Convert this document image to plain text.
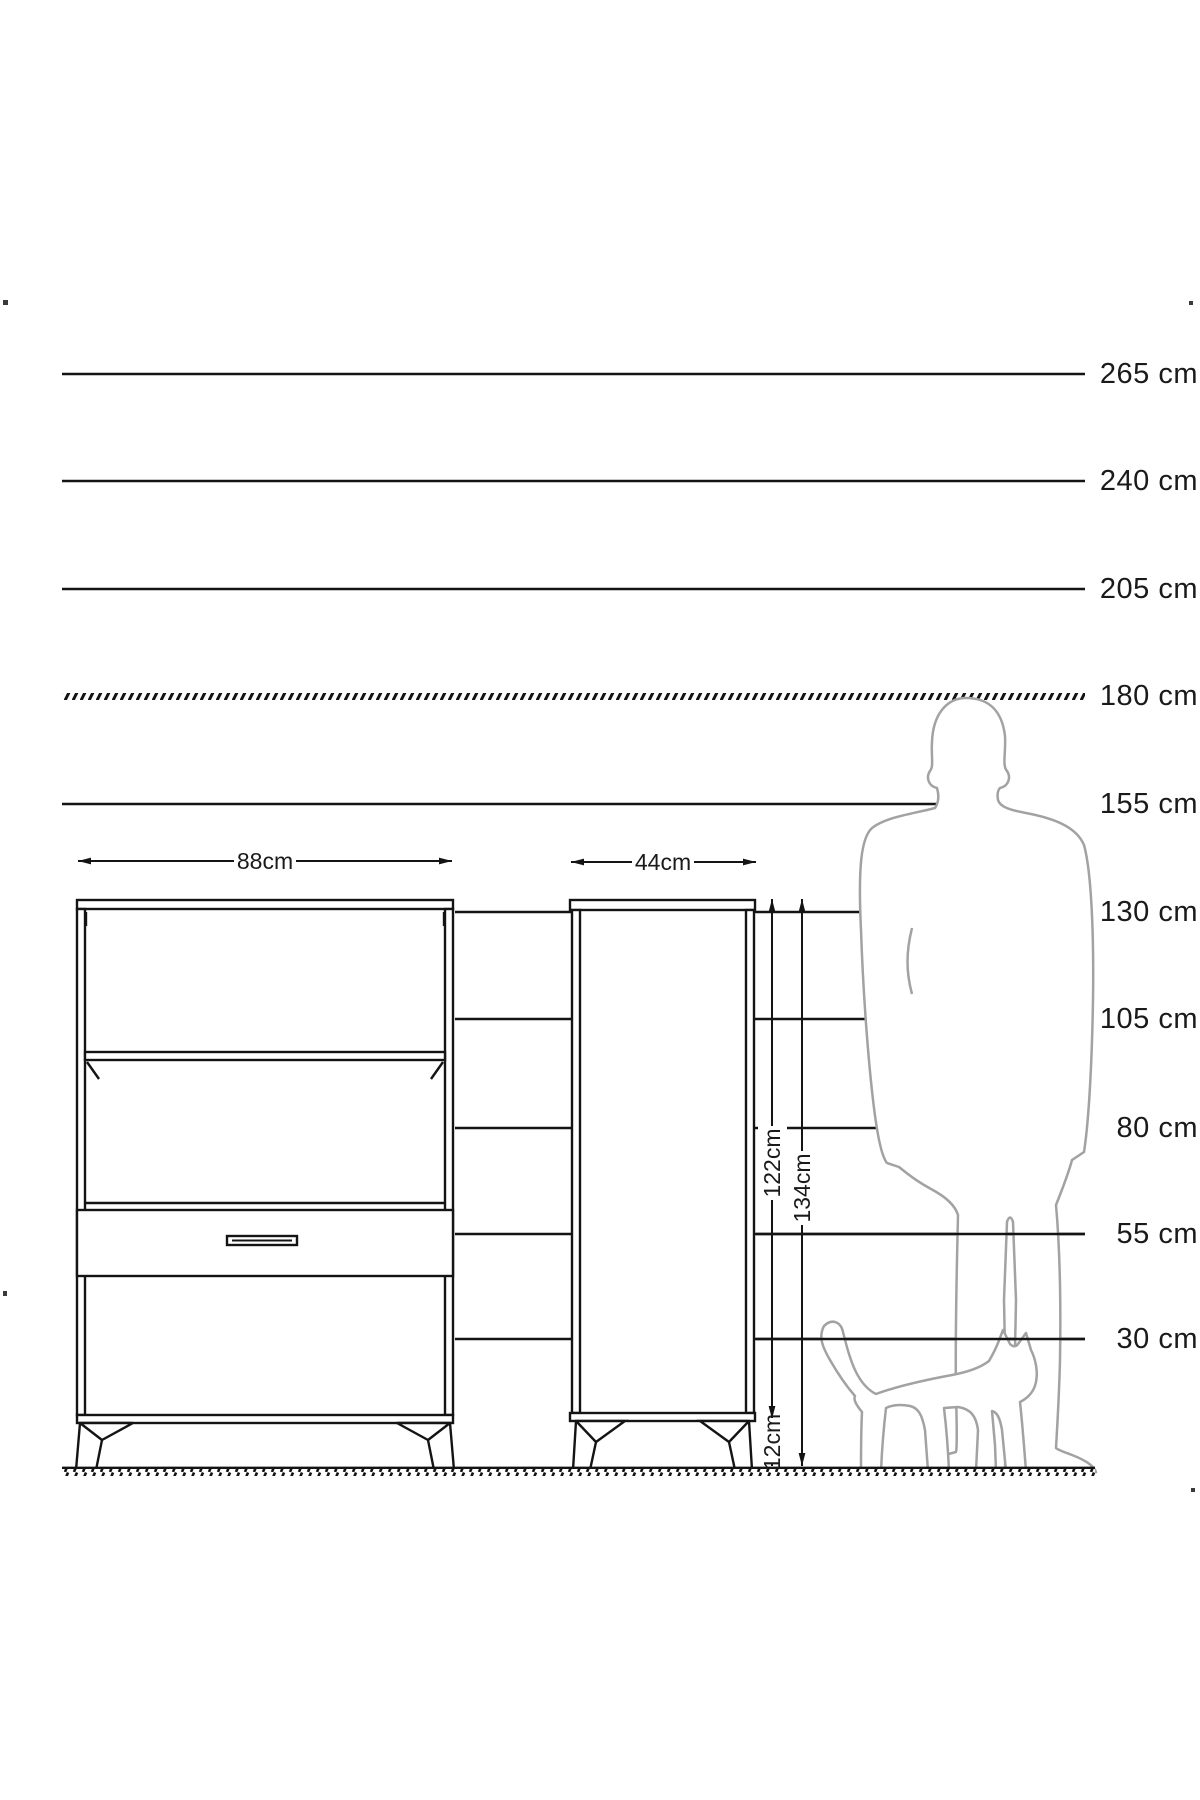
88cm	44cm
122cm 134cm
12cm
265 cm
240 cm
205 cm
180 cm
155 cm
130 cm
105 cm
80 cm
55 cm
30 cm
